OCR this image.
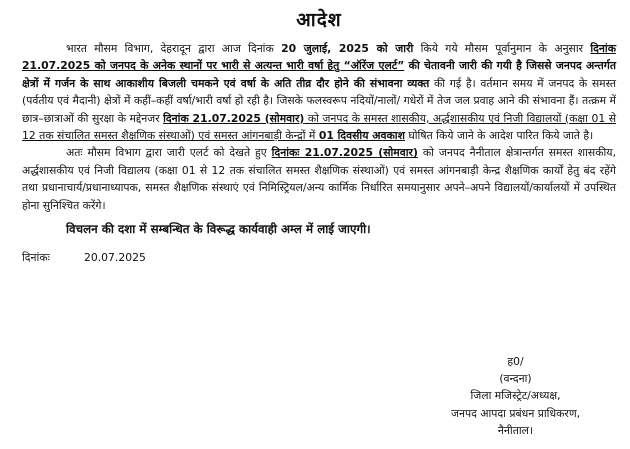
आदेश

भारत मौसम विभाग, देहरादून द्वारा आज दिनांक 20 जुलाई, 2025 को जारी किये गये मौसम पूर्वानुमान के अनुसार दिनांक 21.07.2025 को जनपद के अनेक स्थानों पर भारी से अत्यन्त भारी वर्षा हेतु “ऑरेंज एलर्ट” की चेतावनी जारी की गयी है जिससे जनपद अन्तर्गत क्षेत्रों में गर्जन के साथ आकाशीय बिजली चमकने एवं वर्षा के अति तीव्र दौर होने की संभावना व्यक्त की गई है। वर्तमान समय में जनपद के समस्त (पर्वतीय एवं मैदानी) क्षेत्रों में कहीं–कहीं वर्षा/भारी वर्षा हो रही है। जिसके फलस्वरूप नदियों/नालों/ गधेरों में तेज जल प्रवाह आने की संभावना हैं। तत्क्रम में छात्र–छात्राओं की सुरक्षा के मद्देनजर दिनांक 21.07.2025 (सोमवार) को जनपद के समस्त शासकीय, अर्द्धशासकीय एवं निजी विद्यालयों (कक्षा 01 से 12 तक संचालित समस्त शैक्षणिक संस्थाओं) एवं समस्त आंगनबाड़ी केन्द्रों में 01 दिवसीय अवकाश घोषित किये जाने के आदेश पारित किये जाते है।

अतः मौसम विभाग द्वारा जारी एलर्ट को देखते हुए दिनांकः 21.07.2025 (सोमवार) को जनपद नैनीताल क्षेत्रान्तर्गत समस्त शासकीय, अर्द्धशासकीय एवं निजी विद्यालय (कक्षा 01 से 12 तक संचालित समस्त शैक्षणिक संस्थाओं) एवं समस्त आंगनबाड़ी केन्द्र शैक्षणिक कार्यों हेतु बंद रहेंगे तथा प्रधानाचार्य/प्रधानाध्यापक, समस्त शैक्षणिक संस्थाएं एवं निमिस्ट्रियल/अन्य कार्मिक निर्धारित समयानुसार अपने–अपने विद्यालयों/कार्यालयों में उपस्थित होना सुनिश्चित करेंगे।

विचलन की दशा में सम्बन्धित के विरूद्ध कार्यवाही अम्ल में लाई जाएगी।
दिनांकः	20.07.2025
ह0/
(वन्दना)
जिला मजिस्ट्रेट/अध्यक्ष,
जनपद आपदा प्रबंधन प्राधिकरण,
नैनीताल।
